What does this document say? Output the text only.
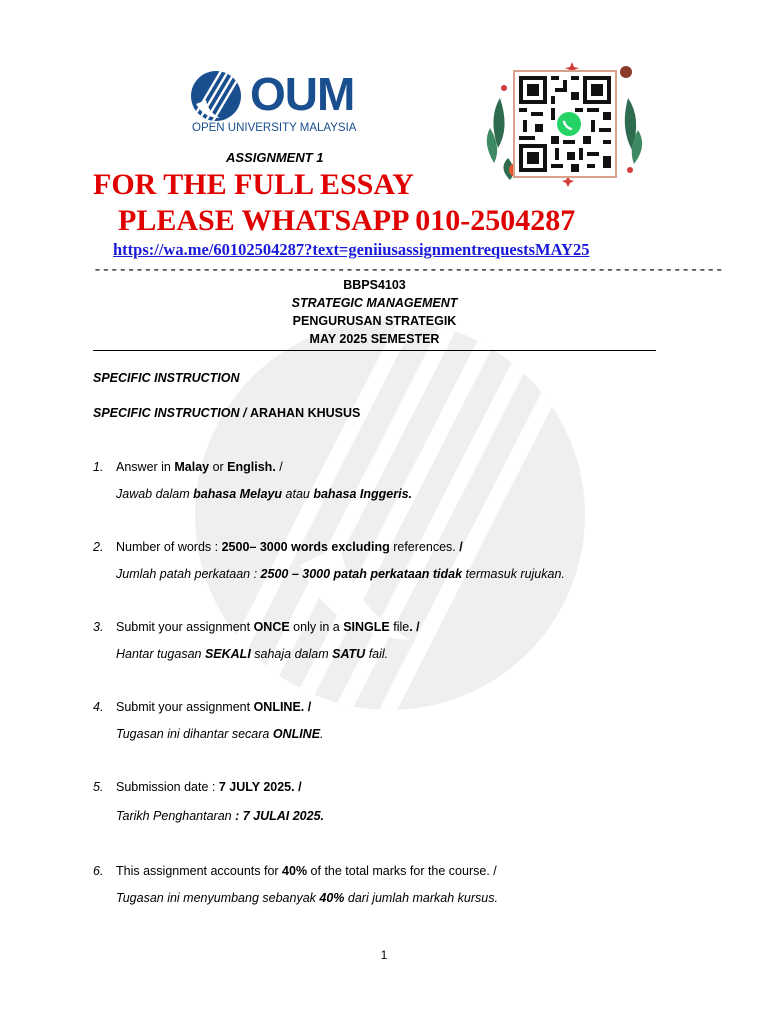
OUM
OPEN UNIVERSITY MALAYSIA
ASSIGNMENT 1
FOR THE FULL ESSAY
PLEASE WHATSAPP 010-2504287
https://wa.me/60102504287?text=geniiusassignmentrequestsMAY25
---------------------------------------------------------------------------
BBPS4103
STRATEGIC MANAGEMENT
PENGURUSAN STRATEGIK
MAY 2025 SEMESTER
SPECIFIC INSTRUCTION
SPECIFIC INSTRUCTION / ARAHAN KHUSUS
1. Answer in Malay or English. /
Jawab dalam bahasa Melayu atau bahasa Inggeris.
2. Number of words : 2500– 3000 words excluding references. /
Jumlah patah perkataan : 2500 – 3000 patah perkataan tidak termasuk rujukan.
3. Submit your assignment ONCE only in a SINGLE file. /
Hantar tugasan SEKALI sahaja dalam SATU fail.
4. Submit your assignment ONLINE. /
Tugasan ini dihantar secara ONLINE.
5. Submission date : 7 JULY 2025. /
Tarikh Penghantaran : 7 JULAI 2025.
6. This assignment accounts for 40% of the total marks for the course. /
Tugasan ini menyumbang sebanyak 40% dari jumlah markah kursus.
1
